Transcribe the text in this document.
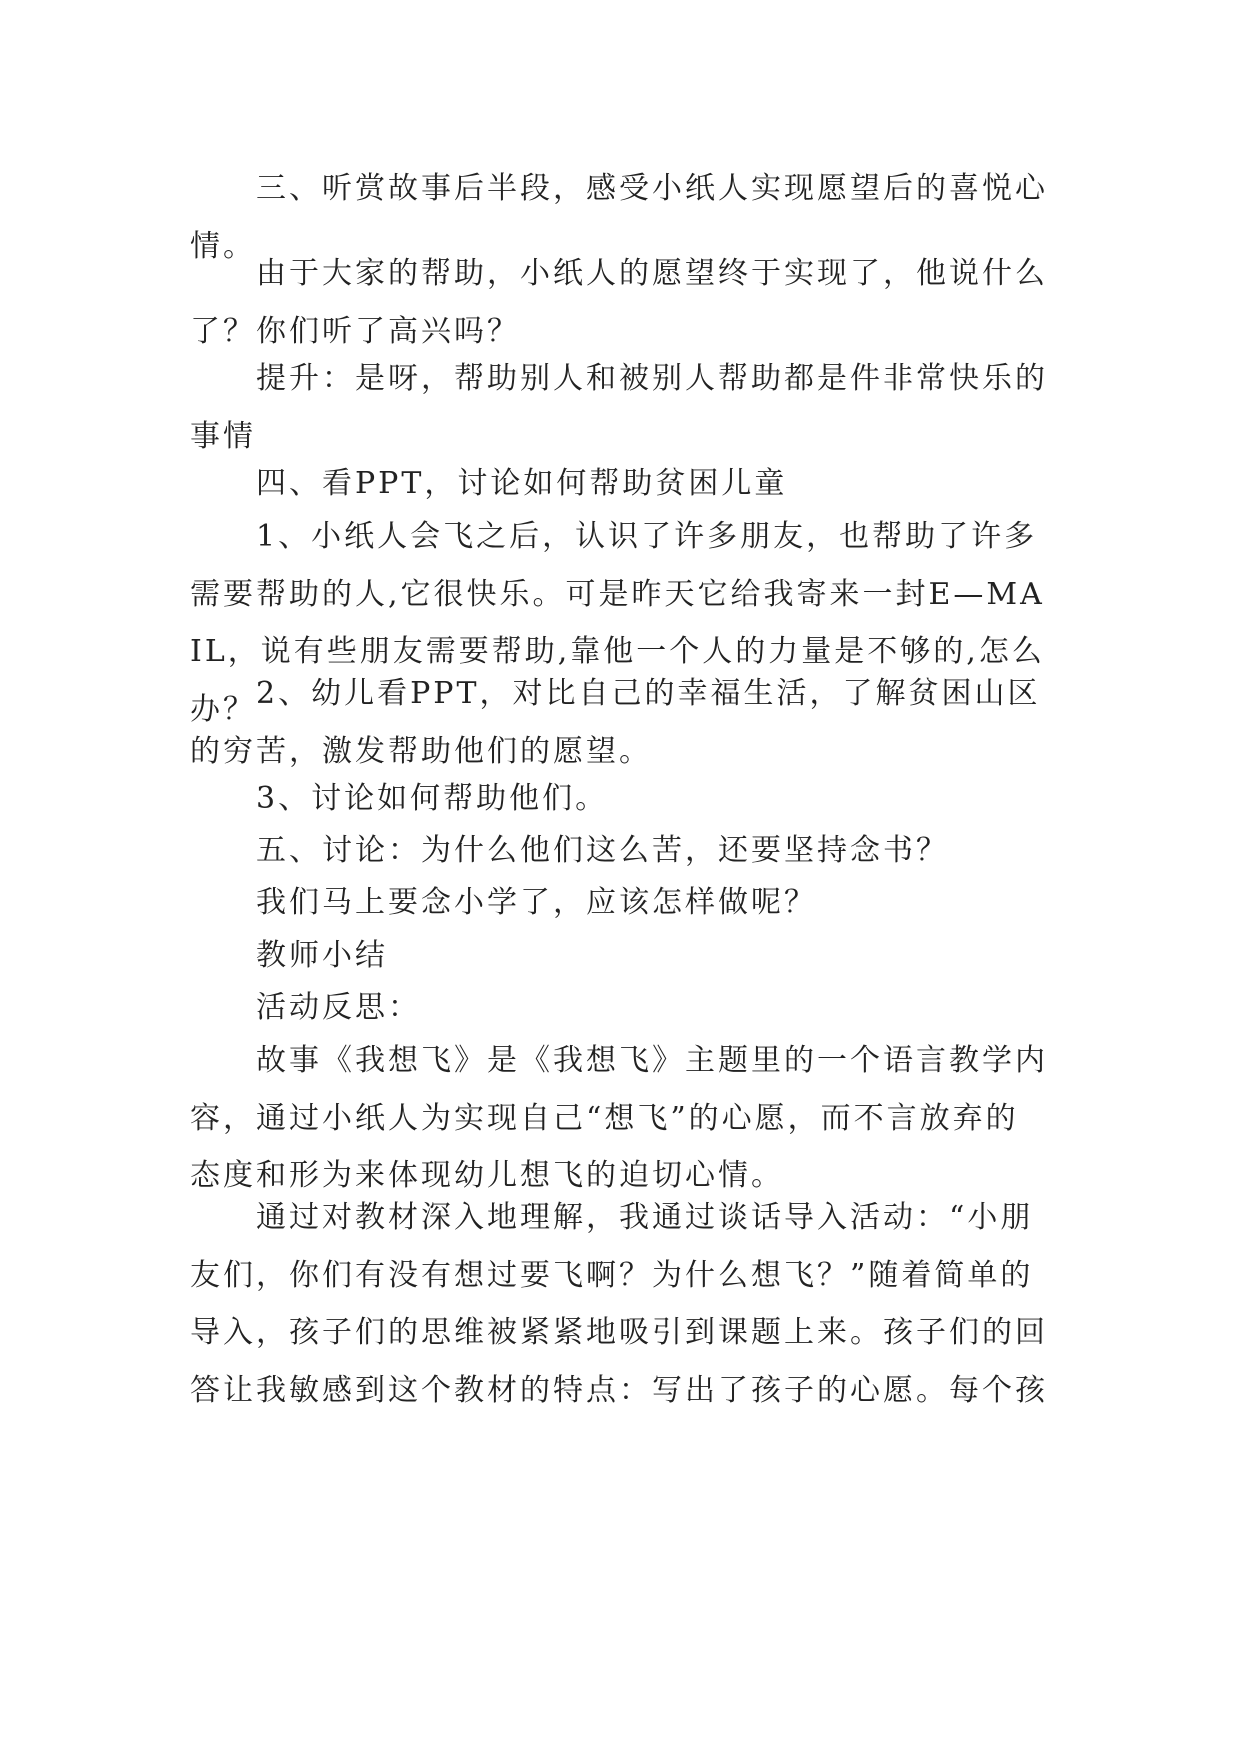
三、听赏故事后半段，感受小纸人实现愿望后的喜悦心情。

由于大家的帮助，小纸人的愿望终于实现了，他说什么了？你们听了高兴吗？

提升：是呀，帮助别人和被别人帮助都是件非常快乐的事情

四、看PPT，讨论如何帮助贫困儿童

1、小纸人会飞之后，认识了许多朋友，也帮助了许多需要帮助的人,它很快乐。可是昨天它给我寄来一封E—MAIL，说有些朋友需要帮助,靠他一个人的力量是不够的,怎么办？ 2、幼儿看PPT，对比自己的幸福生活，了解贫困山区的穷苦，激发帮助他们的愿望。

3、讨论如何帮助他们。

五、讨论：为什么他们这么苦，还要坚持念书？

我们马上要念小学了，应该怎样做呢？

教师小结

活动反思：

故事《我想飞》是《我想飞》主题里的一个语言教学内容，通过小纸人为实现自己“想飞”的心愿，而不言放弃的态度和形为来体现幼儿想飞的迫切心情。

通过对教材深入地理解，我通过谈话导入活动：“小朋友们，你们有没有想过要飞啊？为什么想飞？”随着简单的导入，孩子们的思维被紧紧地吸引到课题上来。孩子们的回答让我敏感到这个教材的特点：写出了孩子的心愿。每个孩
